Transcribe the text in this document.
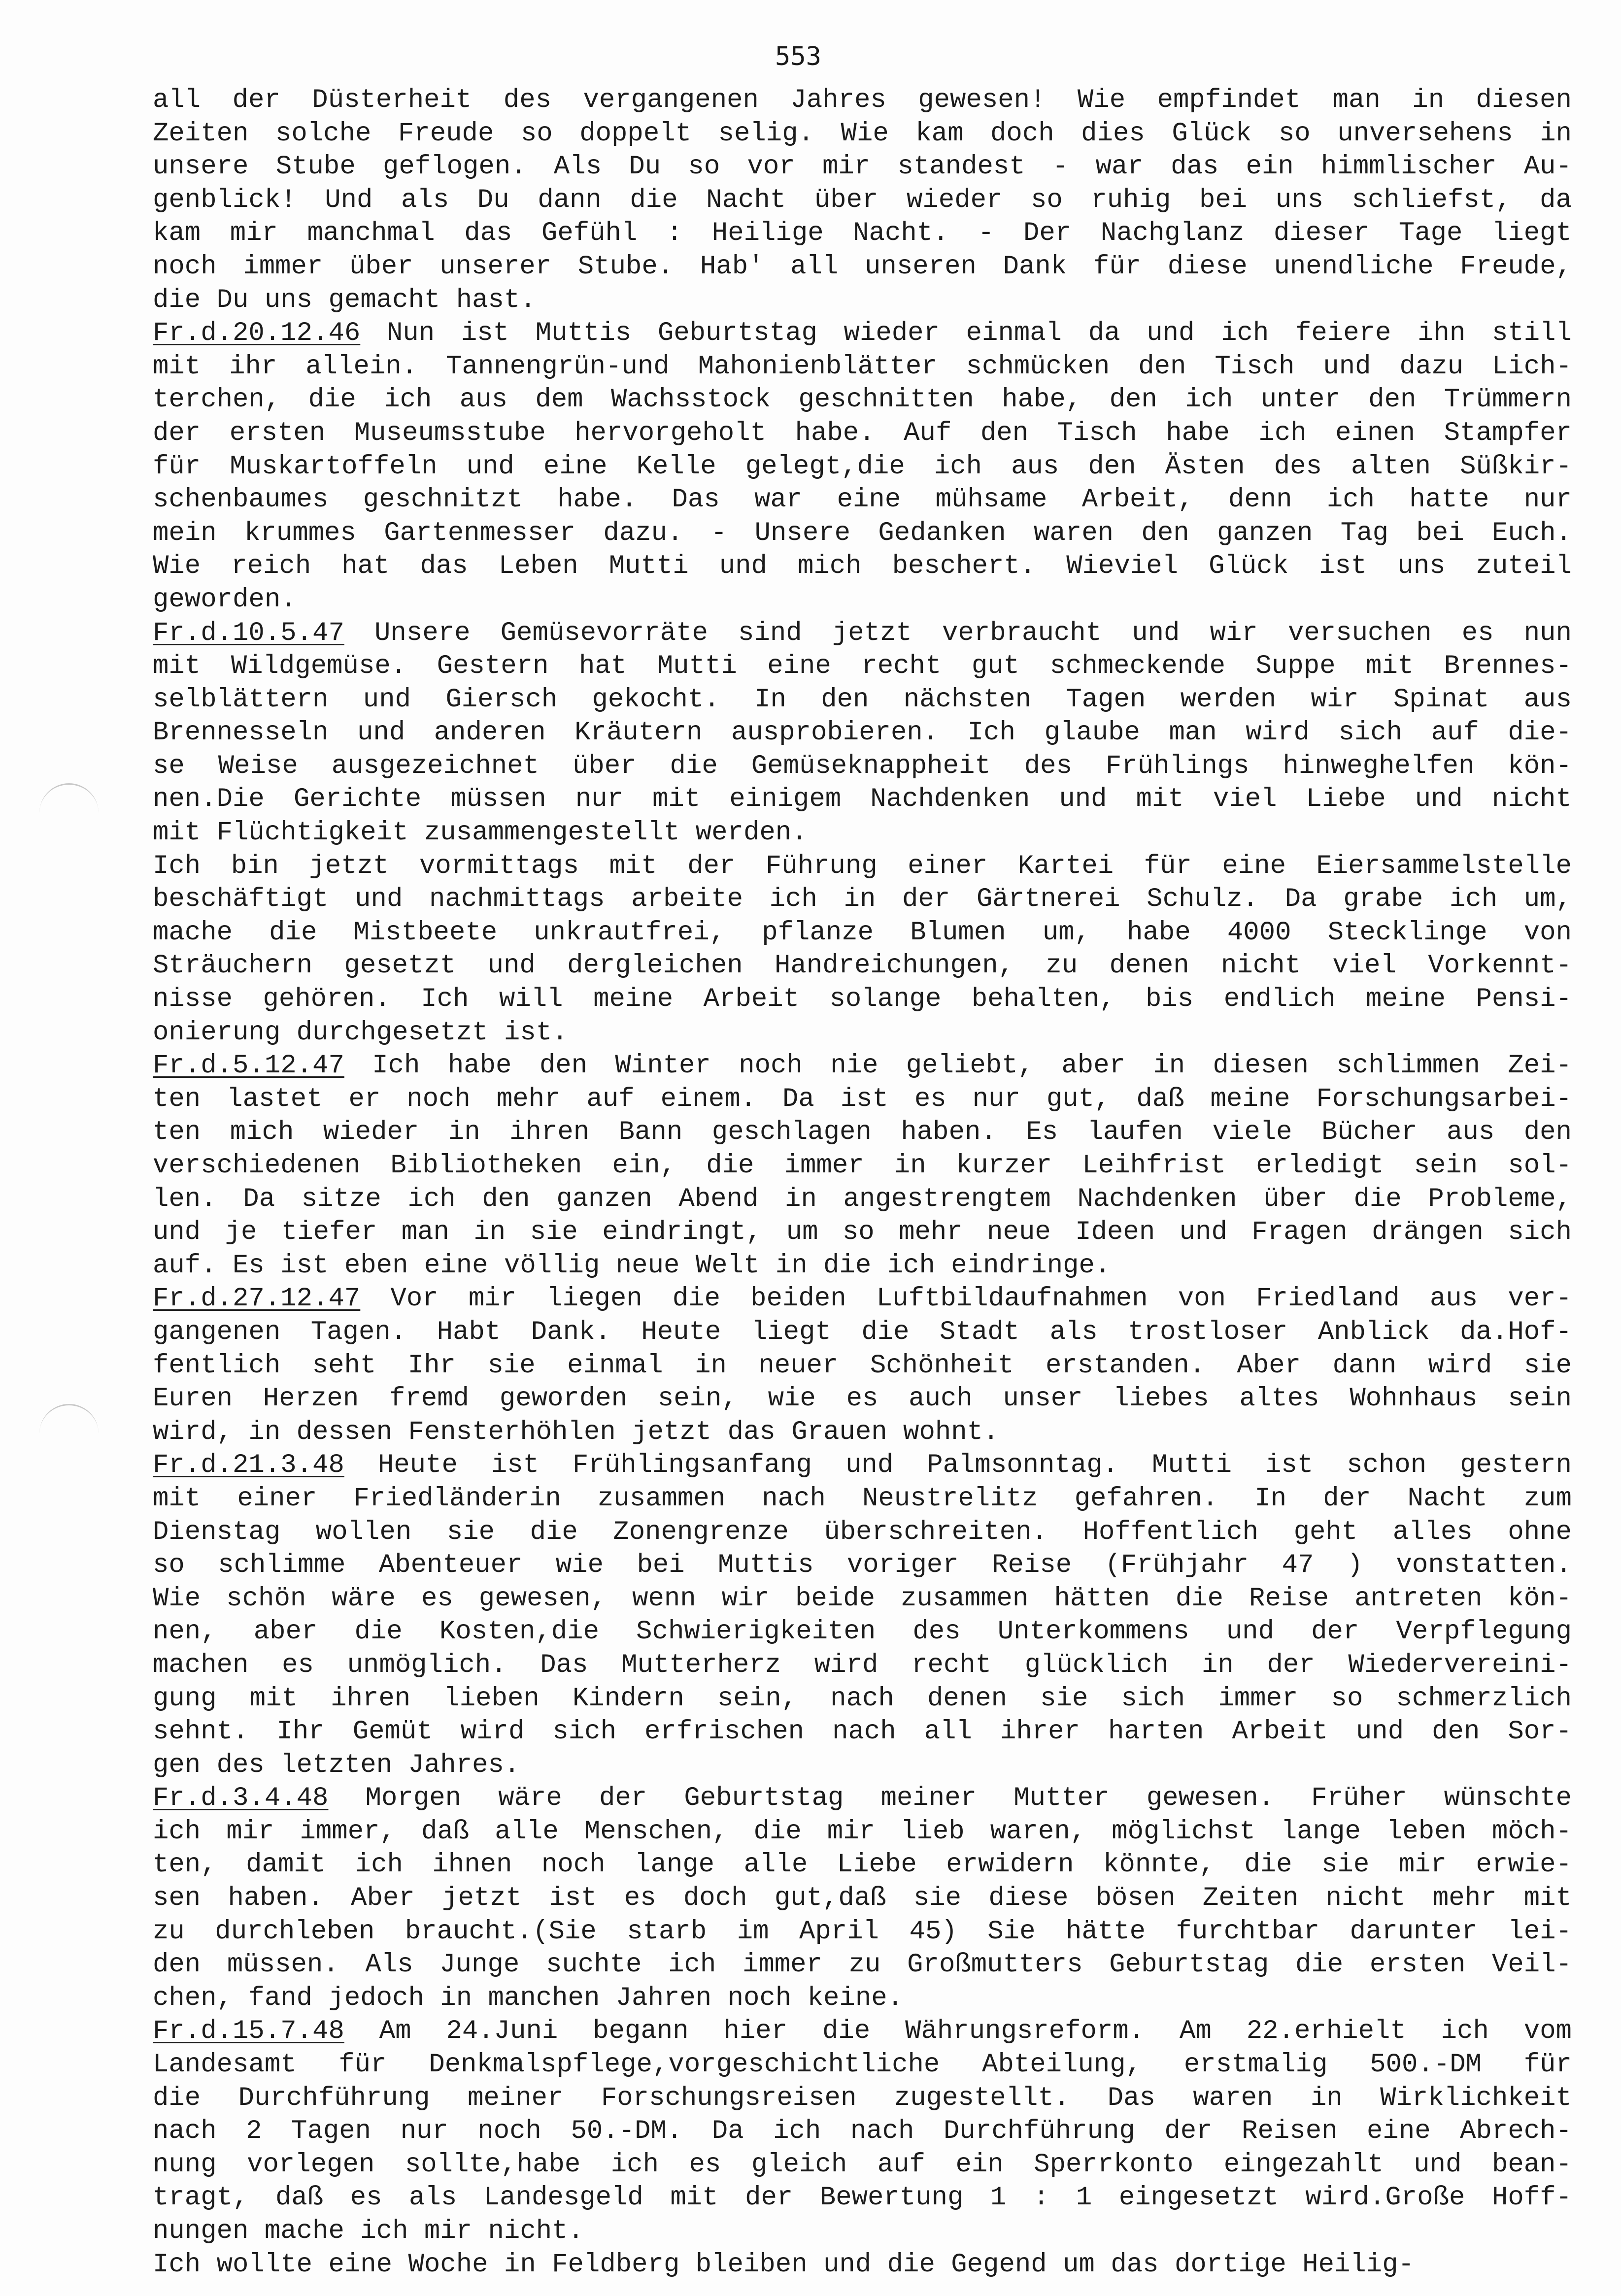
553
all der Düsterheit des vergangenen Jahres gewesen! Wie empfindet man in diesen
Zeiten solche Freude so doppelt selig. Wie kam doch dies Glück so unversehens in
unsere Stube geflogen. Als Du so vor mir standest - war das ein himmlischer Au-
genblick! Und als Du dann die Nacht über wieder so ruhig bei uns schliefst, da
kam mir manchmal das Gefühl : Heilige Nacht. - Der Nachglanz dieser Tage liegt
noch immer über unserer Stube. Hab' all unseren Dank für diese unendliche Freude,
die Du uns gemacht hast.
Fr.d.20.12.46 Nun ist Muttis Geburtstag wieder einmal da und ich feiere ihn still
mit ihr allein. Tannengrün-und Mahonienblätter schmücken den Tisch und dazu Lich-
terchen, die ich aus dem Wachsstock geschnitten habe, den ich unter den Trümmern
der ersten Museumsstube hervorgeholt habe. Auf den Tisch habe ich einen Stampfer
für Muskartoffeln und eine Kelle gelegt,die ich aus den Ästen des alten Süßkir-
schenbaumes geschnitzt habe. Das war eine mühsame Arbeit, denn ich hatte nur
mein krummes Gartenmesser dazu. - Unsere Gedanken waren den ganzen Tag bei Euch.
Wie reich hat das Leben Mutti und mich beschert. Wieviel Glück ist uns zuteil
geworden.
Fr.d.10.5.47 Unsere Gemüsevorräte sind jetzt verbraucht und wir versuchen es nun
mit Wildgemüse. Gestern hat Mutti eine recht gut schmeckende Suppe mit Brennes-
selblättern und Giersch gekocht. In den nächsten Tagen werden wir Spinat aus
Brennesseln und anderen Kräutern ausprobieren. Ich glaube man wird sich auf die-
se Weise ausgezeichnet über die Gemüseknappheit des Frühlings hinweghelfen kön-
nen.Die Gerichte müssen nur mit einigem Nachdenken und mit viel Liebe und nicht
mit Flüchtigkeit zusammengestellt werden.
Ich bin jetzt vormittags mit der Führung einer Kartei für eine Eiersammelstelle
beschäftigt und nachmittags arbeite ich in der Gärtnerei Schulz. Da grabe ich um,
mache die Mistbeete unkrautfrei, pflanze Blumen um, habe 4000 Stecklinge von
Sträuchern gesetzt und dergleichen Handreichungen, zu denen nicht viel Vorkennt-
nisse gehören. Ich will meine Arbeit solange behalten, bis endlich meine Pensi-
onierung durchgesetzt ist.
Fr.d.5.12.47 Ich habe den Winter noch nie geliebt, aber in diesen schlimmen Zei-
ten lastet er noch mehr auf einem. Da ist es nur gut, daß meine Forschungsarbei-
ten mich wieder in ihren Bann geschlagen haben. Es laufen viele Bücher aus den
verschiedenen Bibliotheken ein, die immer in kurzer Leihfrist erledigt sein sol-
len. Da sitze ich den ganzen Abend in angestrengtem Nachdenken über die Probleme,
und je tiefer man in sie eindringt, um so mehr neue Ideen und Fragen drängen sich
auf. Es ist eben eine völlig neue Welt in die ich eindringe.
Fr.d.27.12.47 Vor mir liegen die beiden Luftbildaufnahmen von Friedland aus ver-
gangenen Tagen. Habt Dank. Heute liegt die Stadt als trostloser Anblick da.Hof-
fentlich seht Ihr sie einmal in neuer Schönheit erstanden. Aber dann wird sie
Euren Herzen fremd geworden sein, wie es auch unser liebes altes Wohnhaus sein
wird, in dessen Fensterhöhlen jetzt das Grauen wohnt.
Fr.d.21.3.48 Heute ist Frühlingsanfang und Palmsonntag. Mutti ist schon gestern
mit einer Friedländerin zusammen nach Neustrelitz gefahren. In der Nacht zum
Dienstag wollen sie die Zonengrenze überschreiten. Hoffentlich geht alles ohne
so schlimme Abenteuer wie bei Muttis voriger Reise (Frühjahr 47 ) vonstatten.
Wie schön wäre es gewesen, wenn wir beide zusammen hätten die Reise antreten kön-
nen, aber die Kosten,die Schwierigkeiten des Unterkommens und der Verpflegung
machen es unmöglich. Das Mutterherz wird recht glücklich in der Wiedervereini-
gung mit ihren lieben Kindern sein, nach denen sie sich immer so schmerzlich
sehnt. Ihr Gemüt wird sich erfrischen nach all ihrer harten Arbeit und den Sor-
gen des letzten Jahres.
Fr.d.3.4.48 Morgen wäre der Geburtstag meiner Mutter gewesen. Früher wünschte
ich mir immer, daß alle Menschen, die mir lieb waren, möglichst lange leben möch-
ten, damit ich ihnen noch lange alle Liebe erwidern könnte, die sie mir erwie-
sen haben. Aber jetzt ist es doch gut,daß sie diese bösen Zeiten nicht mehr mit
zu durchleben braucht.(Sie starb im April 45) Sie hätte furchtbar darunter lei-
den müssen. Als Junge suchte ich immer zu Großmutters Geburtstag die ersten Veil-
chen, fand jedoch in manchen Jahren noch keine.
Fr.d.15.7.48 Am 24.Juni begann hier die Währungsreform. Am 22.erhielt ich vom
Landesamt für Denkmalspflege,vorgeschichtliche Abteilung, erstmalig 500.-DM für
die Durchführung meiner Forschungsreisen zugestellt. Das waren in Wirklichkeit
nach 2 Tagen nur noch 50.-DM. Da ich nach Durchführung der Reisen eine Abrech-
nung vorlegen sollte,habe ich es gleich auf ein Sperrkonto eingezahlt und bean-
tragt, daß es als Landesgeld mit der Bewertung 1 : 1 eingesetzt wird.Große Hoff-
nungen mache ich mir nicht.
Ich wollte eine Woche in Feldberg bleiben und die Gegend um das dortige Heilig-
